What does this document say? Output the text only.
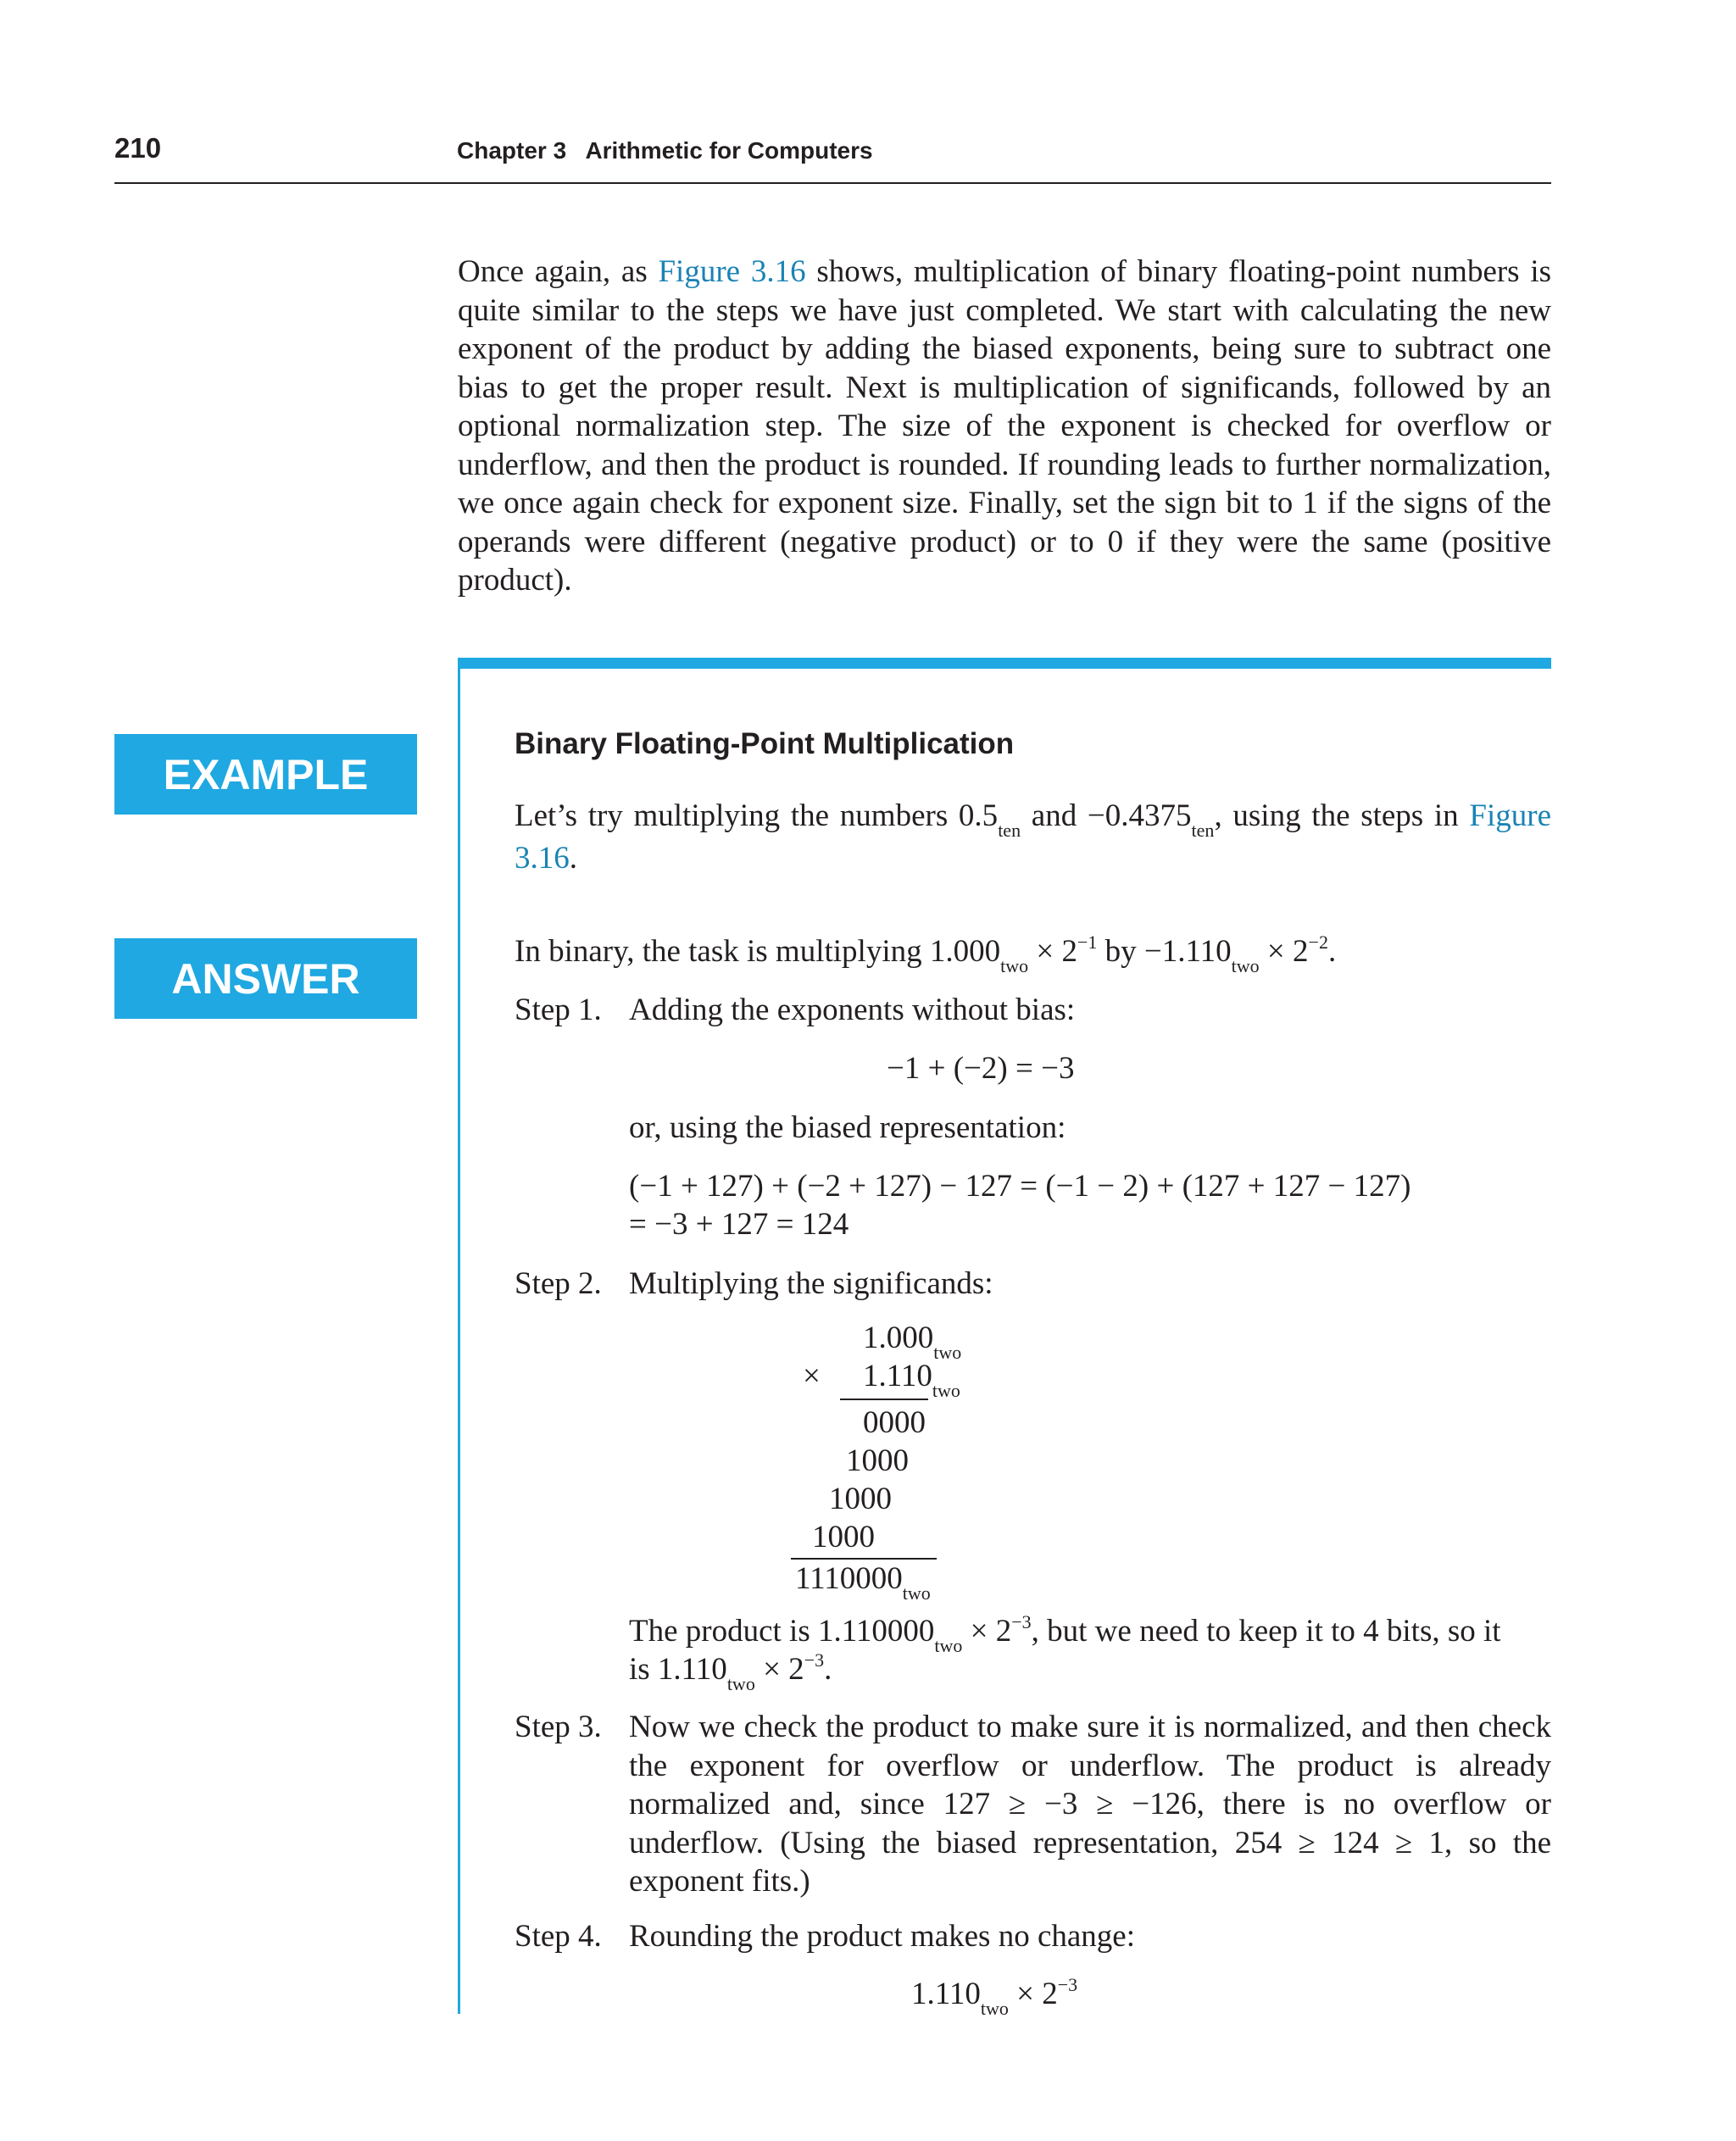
210	Chapter 3   Arithmetic for Computers

Once again, as Figure 3.16 shows, multiplication of binary floating-point numbers is quite similar to the steps we have just completed. We start with calculating the new exponent of the product by adding the biased exponents, being sure to subtract one bias to get the proper result. Next is multiplication of significands, followed by an optional normalization step. The size of the exponent is checked for overflow or underflow, and then the product is rounded. If rounding leads to further normalization, we once again check for exponent size. Finally, set the sign bit to 1 if the signs of the operands were different (negative product) or to 0 if they were the same (positive product).

EXAMPLE
ANSWER
Binary Floating-Point Multiplication

Let’s try multiplying the numbers $0.5_{ten}$ and $-0.4375_{ten}$, using the steps in Figure 3.16.

In binary, the task is multiplying $1.000_{two} \times 2^{-1}$ by $-1.110_{two} \times 2^{-2}$.
Step 1. Adding the exponents without bias:
−1 + (−2) = −3
or, using the biased representation:
(−1 + 127) + (−2 + 127) − 127 = (−1 − 2) + (127 + 127 − 127)
= −3 + 127 = 124
Step 2. Multiplying the significands:
$1.000_{two}$
× $1.110_{two}$
0000
1000
1000
1000
$1110000_{two}$
The product is $1.110000_{two} \times 2^{-3}$, but we need to keep it to 4 bits, so it
is $1.110_{two} \times 2^{-3}$.
Step 3. Now we check the product to make sure it is normalized, and then check the exponent for overflow or underflow. The product is already normalized and, since 127 ≥ −3 ≥ −126, there is no overflow or underflow. (Using the biased representation, 254 ≥ 124 ≥ 1, so the exponent fits.)

Step 4. Rounding the product makes no change:
$1.110_{two} \times 2^{-3}$
